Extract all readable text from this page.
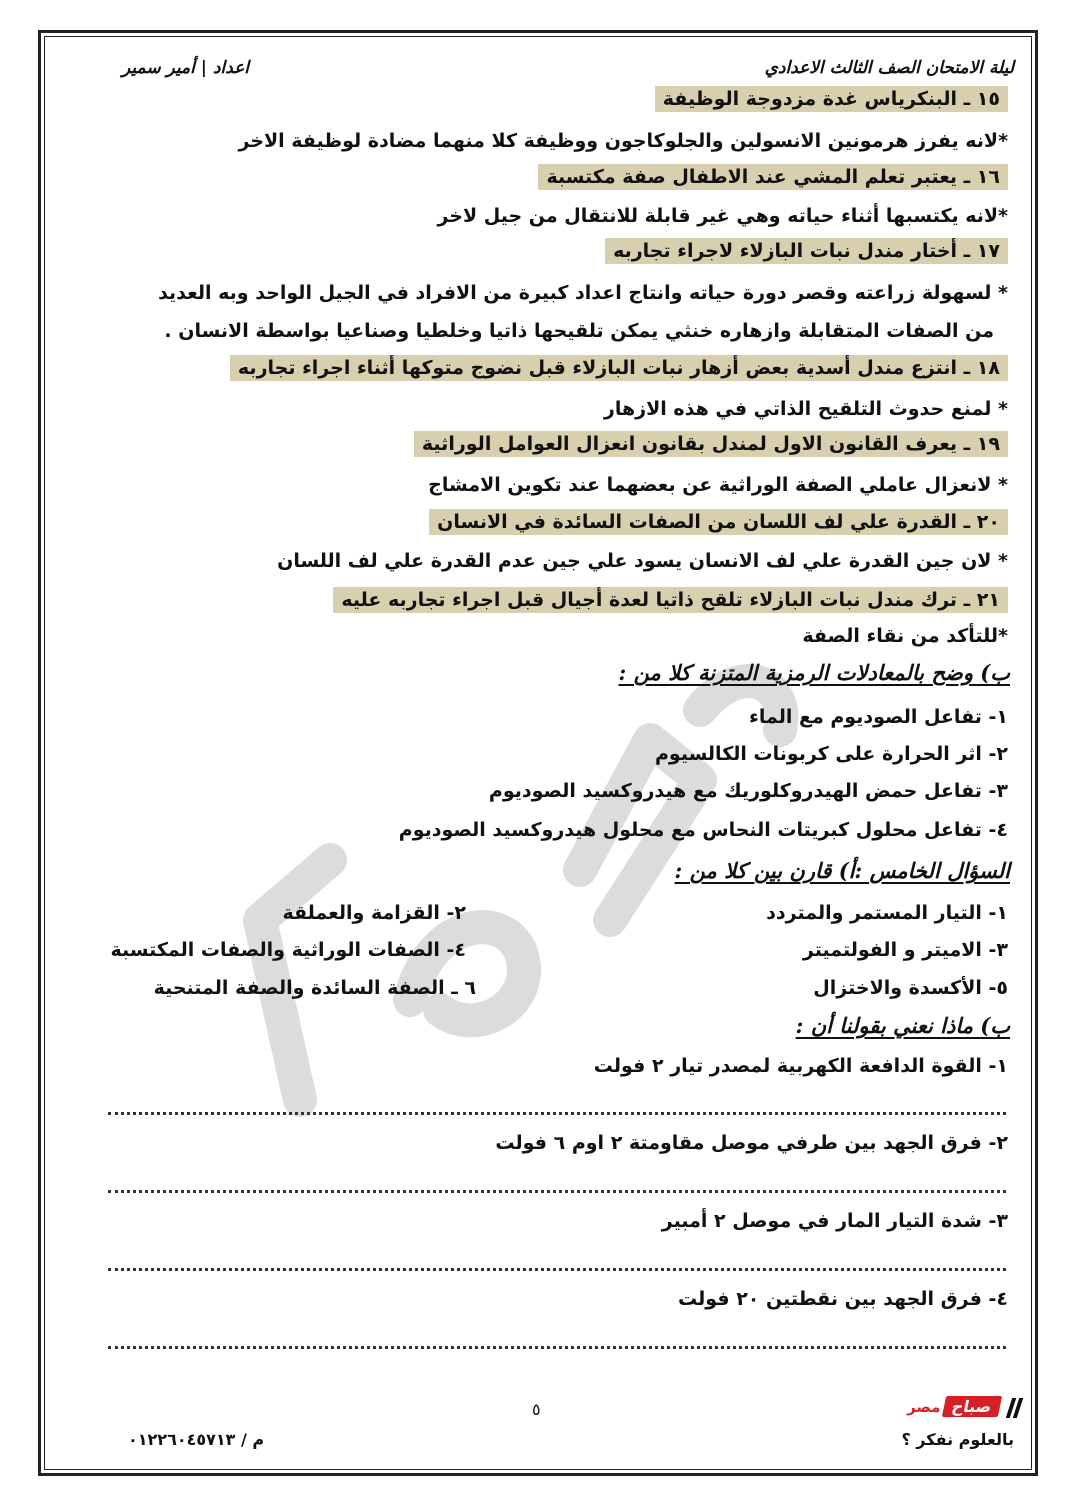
ليلة الامتحان الصف الثالث الاعدادي
اعداد | أمير سمير
١٥ ـ البنكرياس غدة مزدوجة الوظيفة
*لانه يفرز هرمونين الانسولين والجلوكاجون ووظيفة كلا منهما مضادة لوظيفة الاخر
١٦ ـ يعتبر تعلم المشي عند الاطفال صفة مكتسبة
*لانه يكتسبها أثناء حياته وهي غير قابلة للانتقال من جيل لاخر
١٧ ـ أختار مندل نبات البازلاء لاجراء تجاربه
* لسهولة زراعته وقصر دورة حياته وانتاج اعداد كبيرة من الافراد في الجيل الواحد وبه العديد
من الصفات المتقابلة وازهاره خنثي يمكن تلقيحها ذاتيا وخلطيا وصناعيا بواسطة الانسان .
١٨ ـ انتزع مندل أسدية بعض أزهار نبات البازلاء قبل نضوج متوكها أثناء اجراء تجاربه
* لمنع حدوث التلقيح الذاتي في هذه الازهار
١٩ ـ يعرف القانون الاول لمندل بقانون انعزال العوامل الوراثية
* لانعزال عاملي الصفة الوراثية عن بعضهما عند تكوين الامشاج
٢٠ ـ القدرة علي لف اللسان من الصفات السائدة في الانسان
* لان جين القدرة علي لف الانسان يسود علي جين عدم القدرة علي لف اللسان
٢١ ـ ترك مندل نبات البازلاء تلقح ذاتيا لعدة أجيال قبل اجراء تجاربه عليه
*للتأكد من نقاء الصفة
ب) وضح بالمعادلات الرمزية المتزنة كلا من :
١- تفاعل الصوديوم مع الماء
٢- اثر الحرارة على كربونات الكالسيوم
٣- تفاعل حمض الهيدروكلوريك مع هيدروكسيد الصوديوم
٤- تفاعل محلول كبريتات النحاس مع محلول هيدروكسيد الصوديوم
السؤال الخامس :أ) قارن بين كلا من :
١- التيار المستمر والمتردد
٣- الاميتر و الفولتميتر
٥- الأكسدة والاختزال
٢- القزامة والعملقة
٤- الصفات الوراثية والصفات المكتسبة
٦ ـ الصفة السائدة والصفة المتنحية
ب) ماذا نعني بقولنا أن :
١- القوة الدافعة الكهربية لمصدر تيار ٢ فولت
٢- فرق الجهد بين طرفي موصل مقاومتة ٢ اوم ٦ فولت
٣- شدة التيار المار في موصل ٢ أمبير
٤- فرق الجهد بين نقطتين ٢٠ فولت
٥
م / ٠١٢٢٦٠٤٥٧١٣
صباحمصر
بالعلوم نفكر ؟
